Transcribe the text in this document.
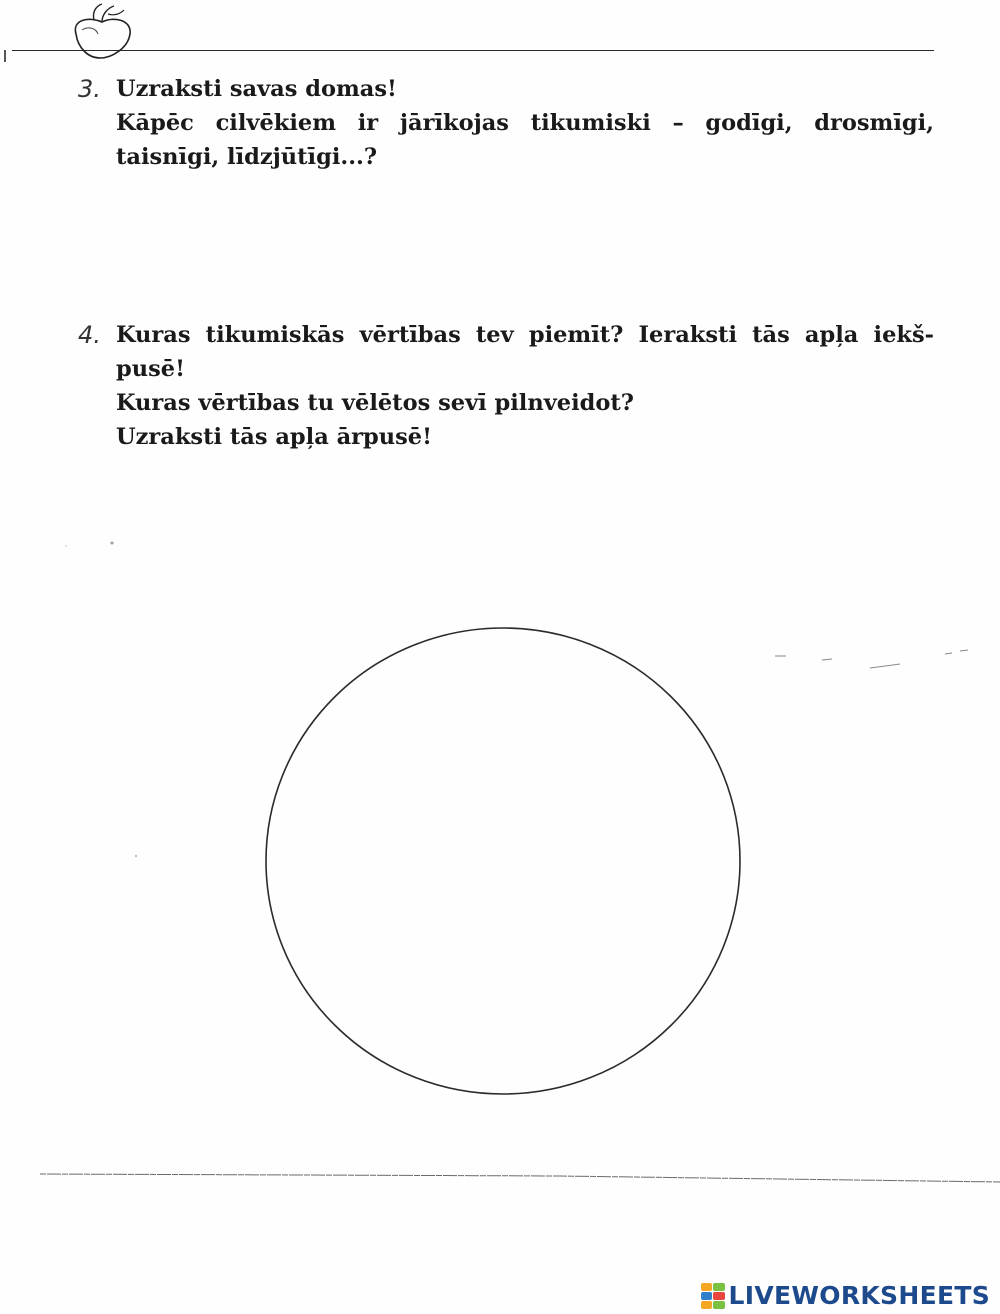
3. Uzraksti savas domas!
Kāpēc cilvēkiem ir jārīkojas tikumiski – godīgi, drosmīgi,
taisnīgi, līdzjūtīgi...?
4. Kuras tikumiskās vērtības tev piemīt? Ieraksti tās apļa iekš-
pusē!
Kuras vērtības tu vēlētos sevī pilnveidot?
Uzraksti tās apļa ārpusē!
LIVEWORKSHEETS
